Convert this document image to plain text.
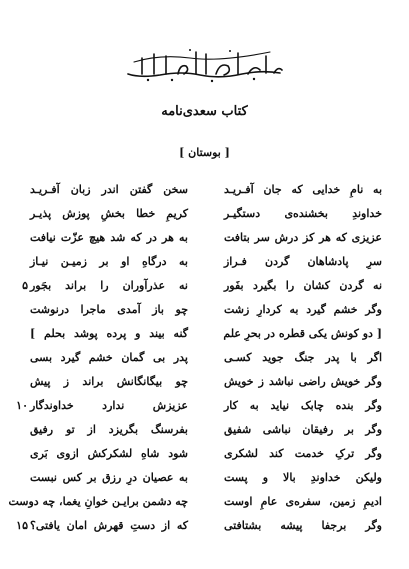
کتاب سعدی‌نامه
[ بوستان ]
به نامِ خدایی که جان آفـریـد
سخن گفتن اندر زبان آفـریـد
خداوندِ بخشنده‌ی دستگیـر
کریمِ خطا بخشِ پوزش پذیـر
عزیزی که هر کز درش سر بتافت
به هر در که شد هیچ عزّت نیافت
سرِ پادشاهان گردن فـراز
به درگاهِ او بر زمیـن نیـاز
نه گردن کشان را بگیرد بفَور
نه عذرآوران را براند بجَور
۵
وگر خشم گیرد به کردارِ زشت
چو باز آمدی ماجرا درنوشت
[ دو کونش یکی قطره در بحرِ علم
گنه بیند و پرده پوشد بحلم ]
اگر با پدر جنگ جوید کسـی
پدر بی گمان خشم گیرد بسی
وگر خویش راضی نباشد ز خویش
چو بیگانگانش براند ز پیش
وگر بنده چابک نیاید به کار
عزیزش ندارد خداوندگار
۱۰
وگر بر رفیقان نباشی شفیق
بفرسنگ بگریزد از تو رفیق
وگر ترکِ خدمت کند لشکری
شود شاهِ لشکرکش ازوی بَری
ولیکن خداوندِ بالا و پست
به عصیان درِ رزق بر کس نبست
ادیمِ زمین، سفره‌ی عامِ اوست
چه دشمن برایـن خوانِ یغما، چه دوست
وگر برجفا پیشه بشتافتی
که از دستِ قهرش امان یافتی؟
۱۵
